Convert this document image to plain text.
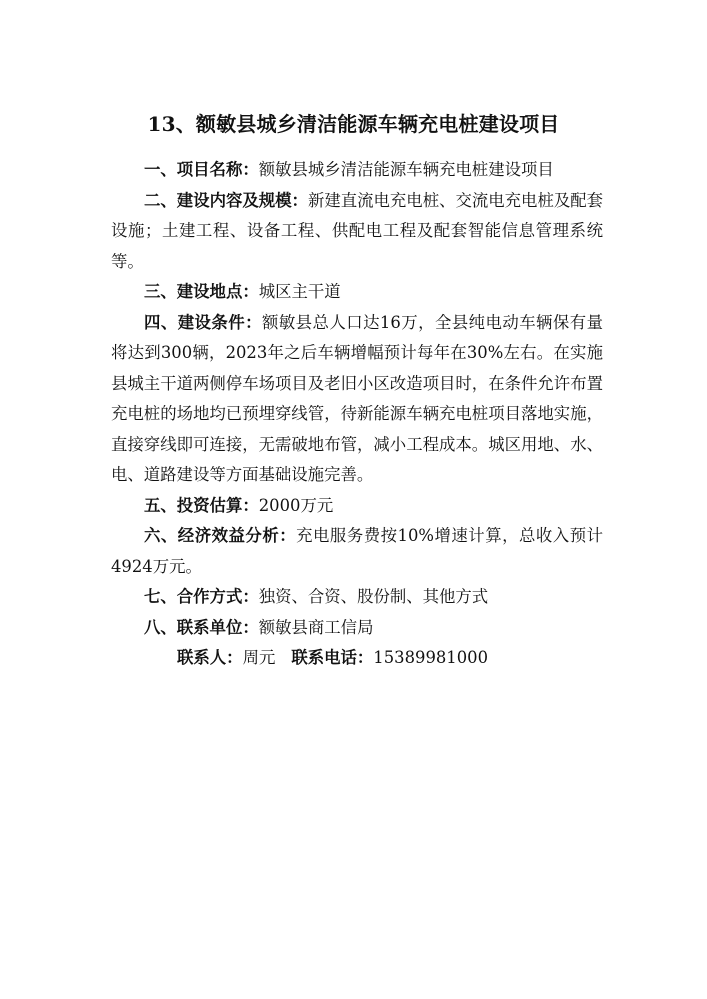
13、额敏县城乡清洁能源车辆充电桩建设项目

一、项目名称：额敏县城乡清洁能源车辆充电桩建设项目

二、建设内容及规模：新建直流电充电桩、交流电充电桩及配套设施；土建工程、设备工程、供配电工程及配套智能信息管理系统等。

三、建设地点：城区主干道

四、建设条件：额敏县总人口达16万，全县纯电动车辆保有量将达到300辆，2023年之后车辆增幅预计每年在30%左右。在实施县城主干道两侧停车场项目及老旧小区改造项目时，在条件允许布置充电桩的场地均已预埋穿线管，待新能源车辆充电桩项目落地实施，直接穿线即可连接，无需破地布管，减小工程成本。城区用地、水、电、道路建设等方面基础设施完善。

五、投资估算：2000万元

六、经济效益分析：充电服务费按10%增速计算，总收入预计4924万元。

七、合作方式：独资、合资、股份制、其他方式

八、联系单位：额敏县商工信局

联系人：周元 联系电话：15389981000
